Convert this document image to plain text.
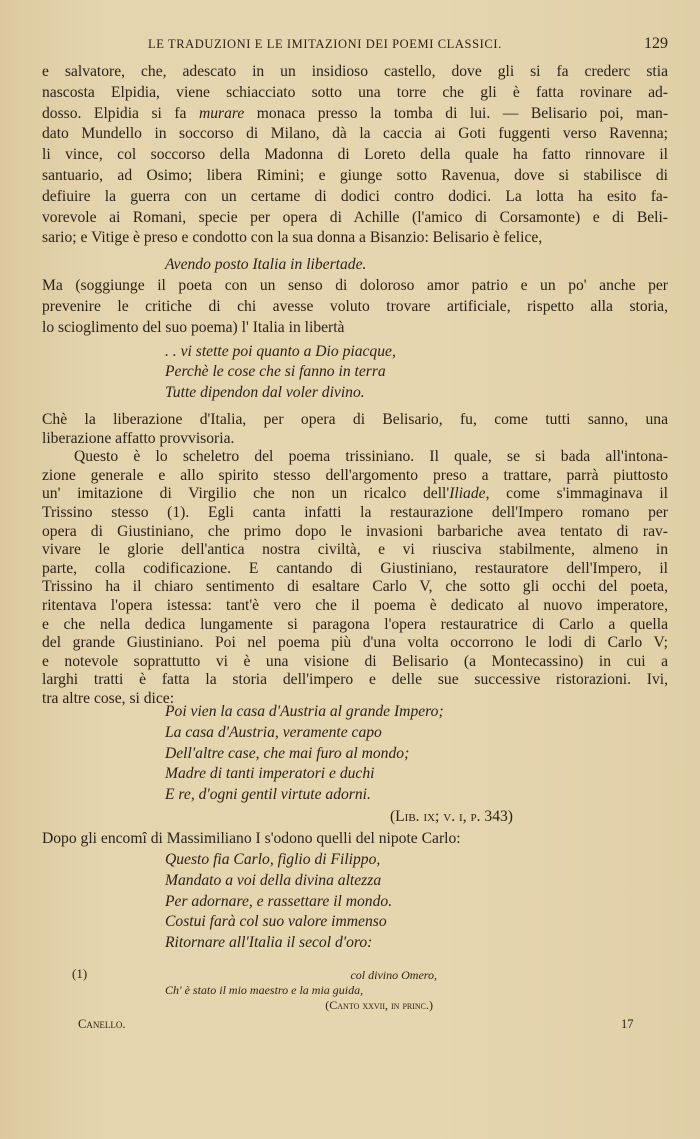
LE TRADUZIONI E LE IMITAZIONI DEI POEMI CLASSICI.	129
e salvatore, che, adescato in un insidioso castello, dove gli si fa crederc stia
nascosta Elpidia, viene schiacciato sotto una torre che gli è fatta rovinare ad-
dosso. Elpidia si fa murare monaca presso la tomba di lui. — Belisario poi, man-
dato Mundello in soccorso di Milano, dà la caccia ai Goti fuggenti verso Ravenna;
li vince, col soccorso della Madonna di Loreto della quale ha fatto rinnovare il
santuario, ad Osimo; libera Rimini; e giunge sotto Ravenua, dove si stabilisce di
defiuire la guerra con un certame di dodici contro dodici. La lotta ha esito fa-
vorevole ai Romani, specie per opera di Achille (l'amico di Corsamonte) e di Beli-
sario; e Vitige è preso e condotto con la sua donna a Bisanzio: Belisario è felice,
Avendo posto Italia in libertade.
Ma (soggiunge il poeta con un senso di doloroso amor patrio e un po' anche per
prevenire le critiche di chi avesse voluto trovare artificiale, rispetto alla storia,
lo scioglimento del suo poema) l' Italia in libertà
. . vi stette poi quanto a Dio piacque,
Perchè le cose che si fanno in terra
Tutte dipendon dal voler divino.
Chè la liberazione d'Italia, per opera di Belisario, fu, come tutti sanno, una
liberazione affatto provvisoria.
Questo è lo scheletro del poema trissiniano. Il quale, se si bada all'intona-
zione generale e allo spirito stesso dell'argomento preso a trattare, parrà piuttosto
un' imitazione di Virgilio che non un ricalco dell'Iliade, come s'immaginava il
Trissino stesso (1). Egli canta infatti la restaurazione dell'Impero romano per
opera di Giustiniano, che primo dopo le invasioni barbariche avea tentato di rav-
vivare le glorie dell'antica nostra civiltà, e vi riusciva stabilmente, almeno in
parte, colla codificazione. E cantando di Giustiniano, restauratore dell'Impero, il
Trissino ha il chiaro sentimento di esaltare Carlo V, che sotto gli occhi del poeta,
ritentava l'opera istessa: tant'è vero che il poema è dedicato al nuovo imperatore,
e che nella dedica lungamente si paragona l'opera restauratrice di Carlo a quella
del grande Giustiniano. Poi nel poema più d'una volta occorrono le lodi di Carlo V;
e notevole soprattutto vi è una visione di Belisario (a Montecassino) in cui a
larghi tratti è fatta la storia dell'impero e delle sue successive ristorazioni. Ivi,
tra altre cose, si dice:
Poi vien la casa d'Austria al grande Impero;
La casa d'Austria, veramente capo
Dell'altre case, che mai furo al mondo;
Madre di tanti imperatori e duchi
E re, d'ogni gentil virtute adorni.
(Lib. ix; v. i, p. 343)
Dopo gli encomî di Massimiliano I s'odono quelli del nipote Carlo:
Questo fia Carlo, figlio di Filippo,
Mandato a voi della divina altezza
Per adornare, e rassettare il mondo.
Costui farà col suo valore immenso
Ritornare all'Italia il secol d'oro:
(1)	col divino Omero,
Ch' è stato il mio maestro e la mia guida,
(Canto xxvii, in princ.)
Canello.	17
